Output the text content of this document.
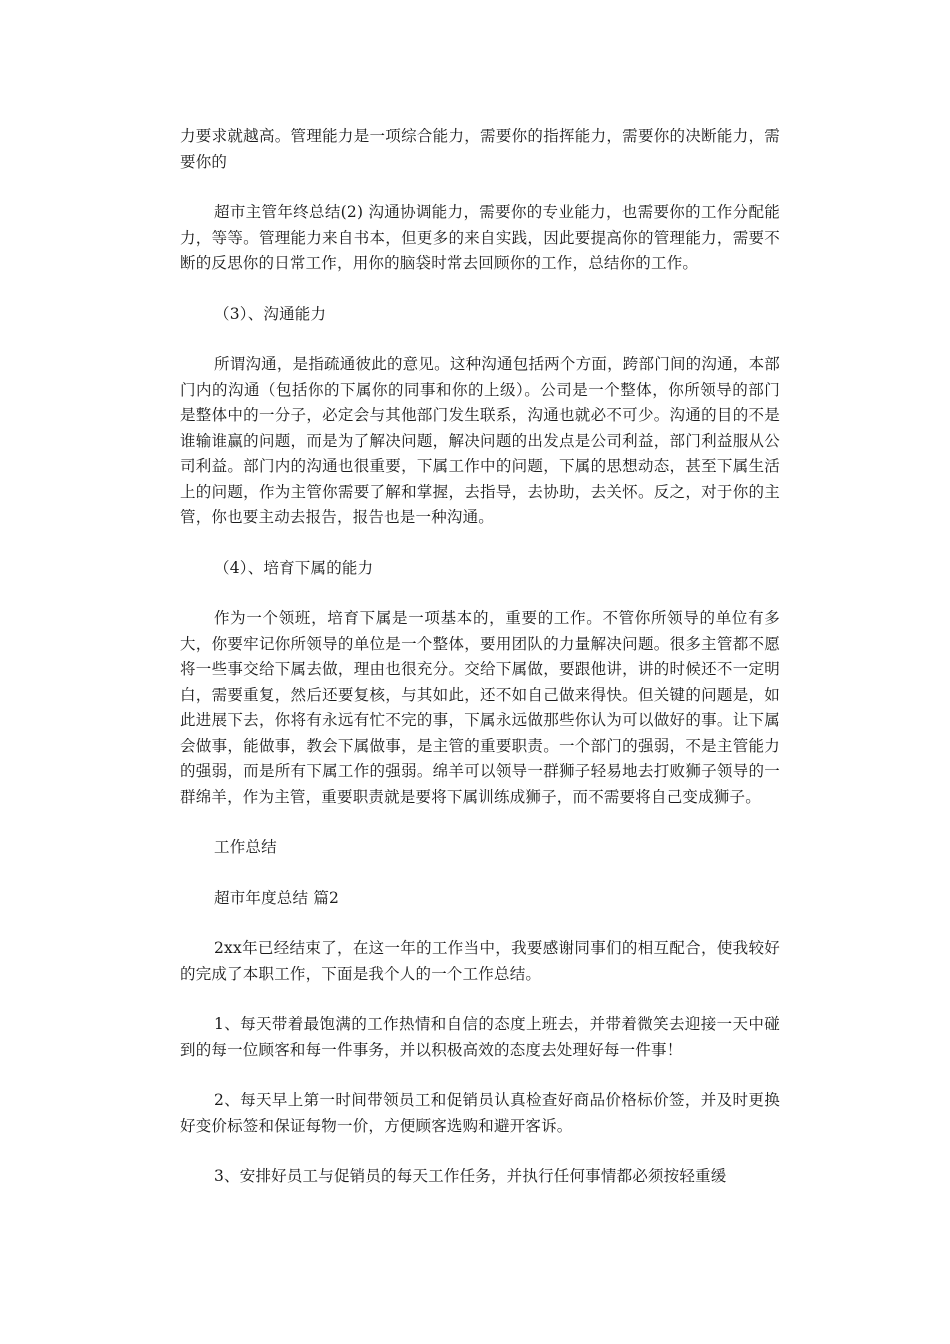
力要求就越高。管理能力是一项综合能力，需要你的指挥能力，需要你的决断能力，需要你的

超市主管年终总结(2) 沟通协调能力，需要你的专业能力，也需要你的工作分配能力，等等。管理能力来自书本，但更多的来自实践，因此要提高你的管理能力，需要不断的反思你的日常工作，用你的脑袋时常去回顾你的工作，总结你的工作。

（3）、沟通能力

所谓沟通，是指疏通彼此的意见。这种沟通包括两个方面，跨部门间的沟通，本部门内的沟通（包括你的下属你的同事和你的上级）。公司是一个整体，你所领导的部门是整体中的一分子，必定会与其他部门发生联系，沟通也就必不可少。沟通的目的不是谁输谁赢的问题，而是为了解决问题，解决问题的出发点是公司利益，部门利益服从公司利益。部门内的沟通也很重要，下属工作中的问题，下属的思想动态，甚至下属生活上的问题，作为主管你需要了解和掌握，去指导，去协助，去关怀。反之，对于你的主管，你也要主动去报告，报告也是一种沟通。

（4）、培育下属的能力

作为一个领班，培育下属是一项基本的，重要的工作。不管你所领导的单位有多大，你要牢记你所领导的单位是一个整体，要用团队的力量解决问题。很多主管都不愿将一些事交给下属去做，理由也很充分。交给下属做，要跟他讲，讲的时候还不一定明白，需要重复，然后还要复核，与其如此，还不如自己做来得快。但关键的问题是，如此进展下去，你将有永远有忙不完的事，下属永远做那些你认为可以做好的事。让下属会做事，能做事，教会下属做事，是主管的重要职责。一个部门的强弱，不是主管能力的强弱，而是所有下属工作的强弱。绵羊可以领导一群狮子轻易地去打败狮子领导的一群绵羊，作为主管，重要职责就是要将下属训练成狮子，而不需要将自己变成狮子。

工作总结

超市年度总结 篇2

2xx年已经结束了，在这一年的工作当中，我要感谢同事们的相互配合，使我较好的完成了本职工作，下面是我个人的一个工作总结。

1、每天带着最饱满的工作热情和自信的态度上班去，并带着微笑去迎接一天中碰到的每一位顾客和每一件事务，并以积极高效的态度去处理好每一件事！

2、每天早上第一时间带领员工和促销员认真检查好商品价格标价签，并及时更换好变价标签和保证每物一价，方便顾客选购和避开客诉。

3、安排好员工与促销员的每天工作任务，并执行任何事情都必须按轻重缓
